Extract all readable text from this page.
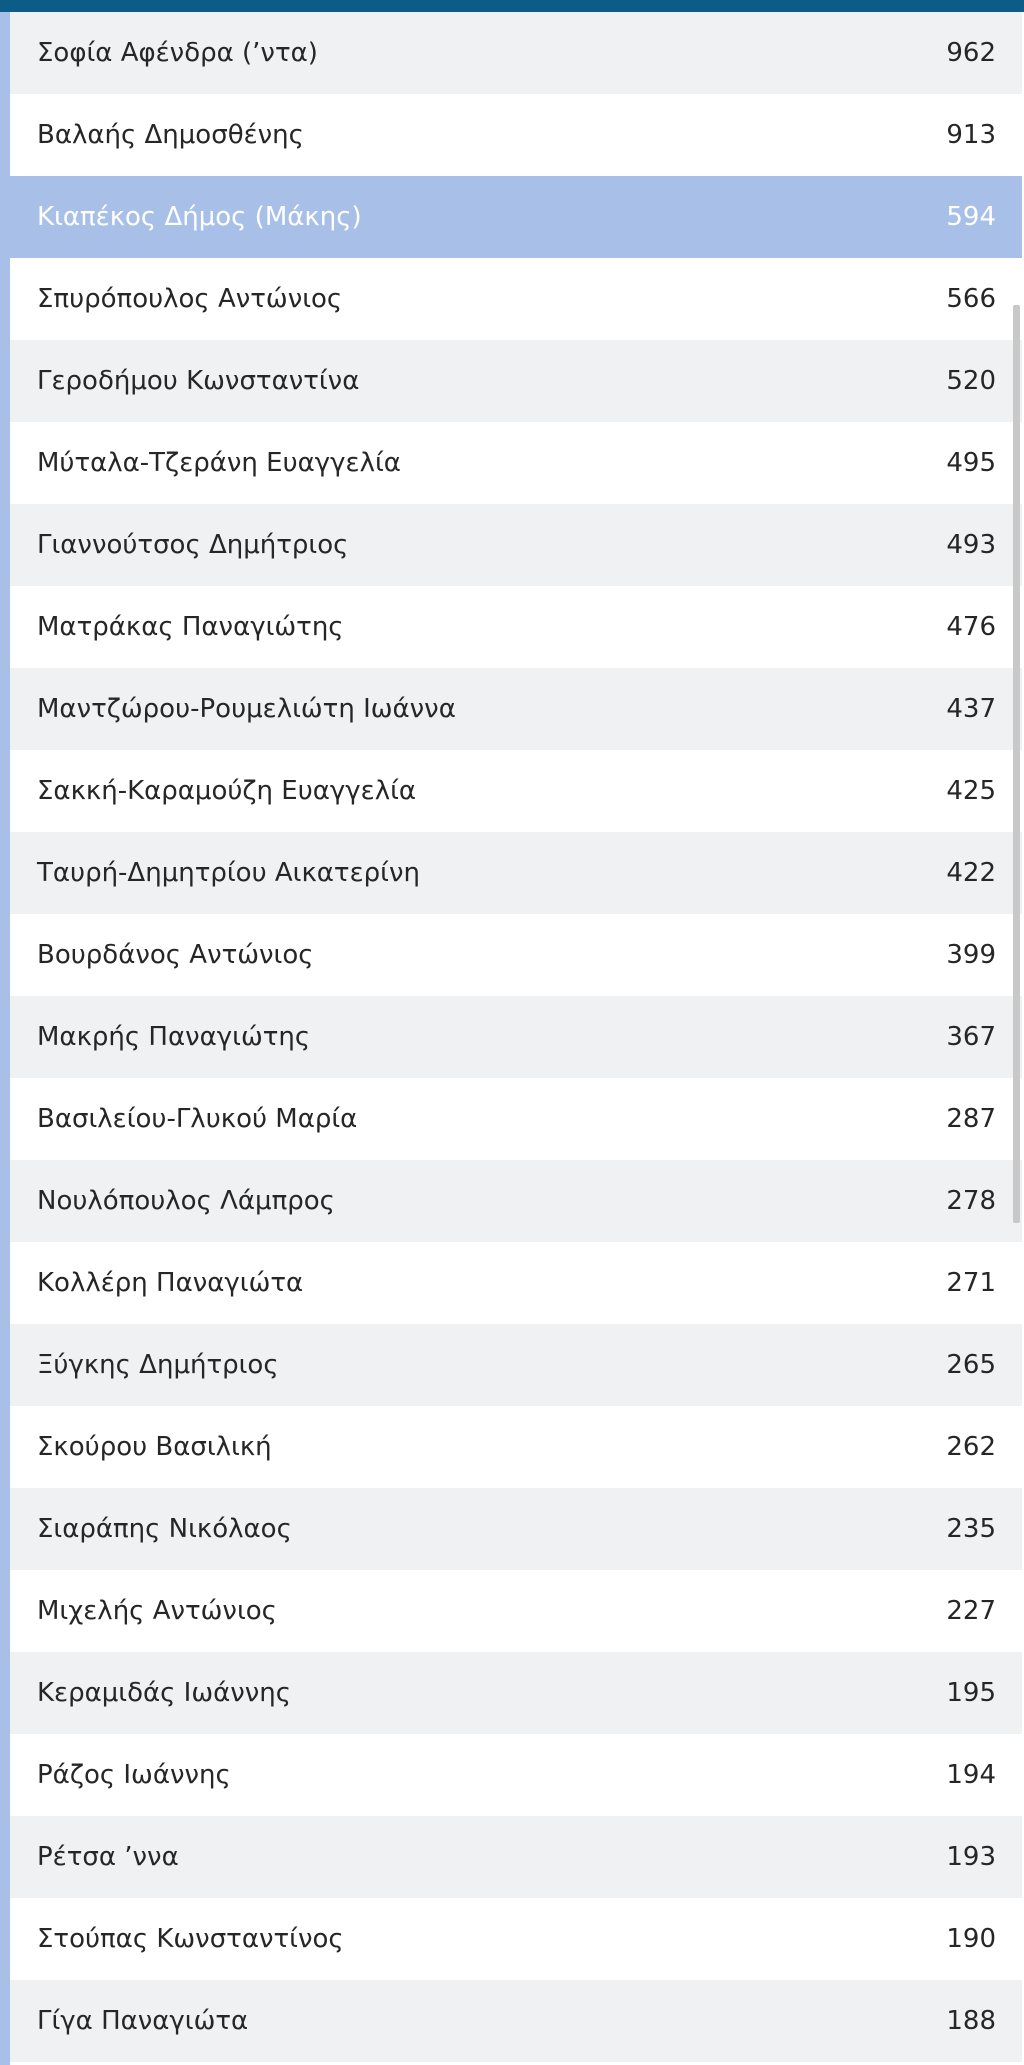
Σοφία Αφένδρα (’ντα)	962
Βαλαής Δημοσθένης	913
Κιαπέκος Δήμος (Μάκης)	594
Σπυρόπουλος Αντώνιος	566
Γεροδήμου Κωνσταντίνα	520
Μύταλα-Τζεράνη Ευαγγελία	495
Γιαννούτσος Δημήτριος	493
Ματράκας Παναγιώτης	476
Μαντζώρου-Ρουμελιώτη Ιωάννα	437
Σακκή-Καραμούζη Ευαγγελία	425
Ταυρή-Δημητρίου Αικατερίνη	422
Βουρδάνος Αντώνιος	399
Μακρής Παναγιώτης	367
Βασιλείου-Γλυκού Μαρία	287
Νουλόπουλος Λάμπρος	278
Κολλέρη Παναγιώτα	271
Ξύγκης Δημήτριος	265
Σκούρου Βασιλική	262
Σιαράπης Νικόλαος	235
Μιχελής Αντώνιος	227
Κεραμιδάς Ιωάννης	195
Ράζος Ιωάννης	194
Ρέτσα ’ννα	193
Στούπας Κωνσταντίνος	190
Γίγα Παναγιώτα	188
